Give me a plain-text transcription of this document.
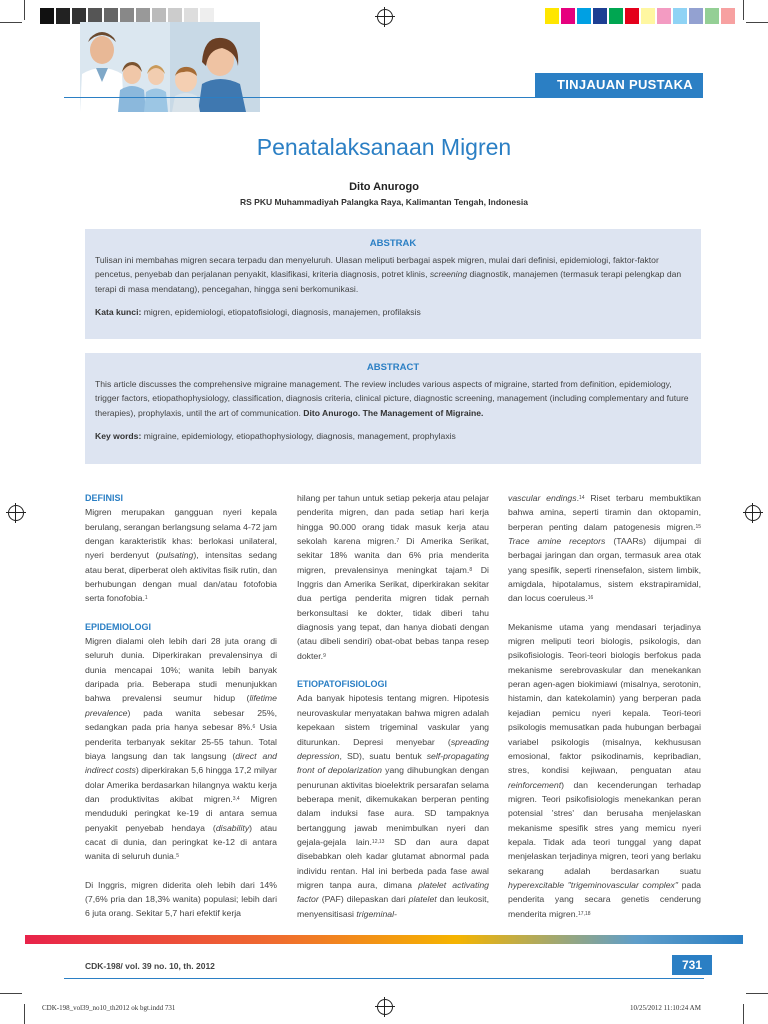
TINJAUAN PUSTAKA
Penatalaksanaan Migren
Dito Anurogo
RS PKU Muhammadiyah Palangka Raya, Kalimantan Tengah, Indonesia
ABSTRAK

Tulisan ini membahas migren secara terpadu dan menyeluruh. Ulasan meliputi berbagai aspek migren, mulai dari definisi, epidemiologi, faktor-faktor pencetus, penyebab dan perjalanan penyakit, klasifikasi, kriteria diagnosis, potret klinis, screening diagnostik, manajemen (termasuk terapi pelengkap dan terapi di masa mendatang), pencegahan, hingga seni berkomunikasi.

Kata kunci: migren, epidemiologi, etiopatofisiologi, diagnosis, manajemen, profilaksis

ABSTRACT

This article discusses the comprehensive migraine management. The review includes various aspects of migraine, started from definition, epidemiology, trigger factors, etiopathophysiology, classification, diagnosis criteria, clinical picture, diagnostic screening, management (including complementary and future therapies), prophylaxis, until the art of communication. Dito Anurogo. The Management of Migraine.

Key words: migraine, epidemiology, etiopathophysiology, diagnosis, management, prophylaxis

DEFINISI

Migren merupakan gangguan nyeri kepala berulang, serangan berlangsung selama 4-72 jam dengan karakteristik khas: berlokasi unilateral, nyeri berdenyut (pulsating), intensitas sedang atau berat, diperberat oleh aktivitas fisik rutin, dan berhubungan dengan mual dan/atau fotofobia serta fonofobia.$^1$

EPIDEMIOLOGI

Migren dialami oleh lebih dari 28 juta orang di seluruh dunia. Diperkirakan prevalensinya di dunia mencapai 10%; wanita lebih banyak daripada pria. Beberapa studi menunjukkan bahwa prevalensi seumur hidup (lifetime prevalence) pada wanita sebesar 25%, sedangkan pada pria hanya sebesar 8%.$^6$ Usia penderita terbanyak sekitar 25-55 tahun. Total biaya langsung dan tak langsung (direct and indirect costs) diperkirakan 5,6 hingga 17,2 milyar dolar Amerika berdasarkan hilangnya waktu kerja dan produktivitas akibat migren.$^{3,4}$ Migren menduduki peringkat ke-19 di antara semua penyakit penyebab hendaya (disability) atau cacat di dunia, dan peringkat ke-12 di antara wanita di seluruh dunia.$^5$

Di Inggris, migren diderita oleh lebih dari 14% (7,6% pria dan 18,3% wanita) populasi; lebih dari 6 juta orang. Sekitar 5,7 hari efektif kerja

hilang per tahun untuk setiap pekerja atau pelajar penderita migren, dan pada setiap hari kerja hingga 90.000 orang tidak masuk kerja atau sekolah karena migren.$^7$ Di Amerika Serikat, sekitar 18% wanita dan 6% pria menderita migren, prevalensinya meningkat tajam.$^8$ Di Inggris dan Amerika Serikat, diperkirakan sekitar dua pertiga penderita migren tidak pernah berkonsultasi ke dokter, tidak diberi tahu diagnosis yang tepat, dan hanya diobati dengan (atau dibeli sendiri) obat-obat bebas tanpa resep dokter.$^9$

ETIOPATOFISIOLOGI

Ada banyak hipotesis tentang migren. Hipotesis neurovaskular menyatakan bahwa migren adalah kepekaan sistem trigeminal vaskular yang diturunkan. Depresi menyebar (spreading depression, SD), suatu bentuk self-propagating front of depolarization yang dihubungkan dengan penurunan aktivitas bioelektrik persarafan selama beberapa menit, dikemukakan berperan penting dalam induksi fase aura. SD tampaknya bertanggung jawab menimbulkan nyeri dan gejala-gejala lain.$^{12,13}$ SD dan aura dapat disebabkan oleh kadar glutamat abnormal pada individu rentan. Hal ini berbeda pada fase awal migren tanpa aura, dimana platelet activating factor (PAF) dilepaskan dari platelet dan leukosit, menyensitisasi trigeminal-

vascular endings.$^{14}$ Riset terbaru membuktikan bahwa amina, seperti tiramin dan oktopamin, berperan penting dalam patogenesis migren.$^{15}$ Trace amine receptors (TAARs) dijumpai di berbagai jaringan dan organ, termasuk area otak yang spesifik, seperti rinensefalon, sistem limbik, amigdala, hipotalamus, sistem ekstrapiramidal, dan locus coeruleus.$^{16}$

Mekanisme utama yang mendasari terjadinya migren meliputi teori biologis, psikologis, dan psikofisiologis. Teori-teori biologis berfokus pada mekanisme serebrovaskular dan menekankan peran agen-agen biokimiawi (misalnya, serotonin, histamin, dan katekolamin) yang berperan pada kejadian pemicu nyeri kepala. Teori-teori psikologis memusatkan pada hubungan berbagai variabel psikologis (misalnya, kekhususan emosional, faktor psikodinamis, kepribadian, stres, kondisi kejiwaan, penguatan atau reinforcement) dan kecenderungan terhadap migren. Teori psikofisiologis menekankan peran potensial 'stres' dan berusaha menjelaskan mekanisme spesifik stres yang memicu nyeri kepala. Tidak ada teori tunggal yang dapat menjelaskan terjadinya migren, teori yang berlaku sekarang adalah berdasarkan suatu hyperexcitable "trigeminovascular complex" pada penderita yang secara genetis cenderung menderita migren.$^{17,18}$

CDK-198/ vol. 39 no. 10, th. 2012	731
CDK-198_vol39_no10_th2012 ok bgt.indd 731	10/25/2012 11:10:24 AM
